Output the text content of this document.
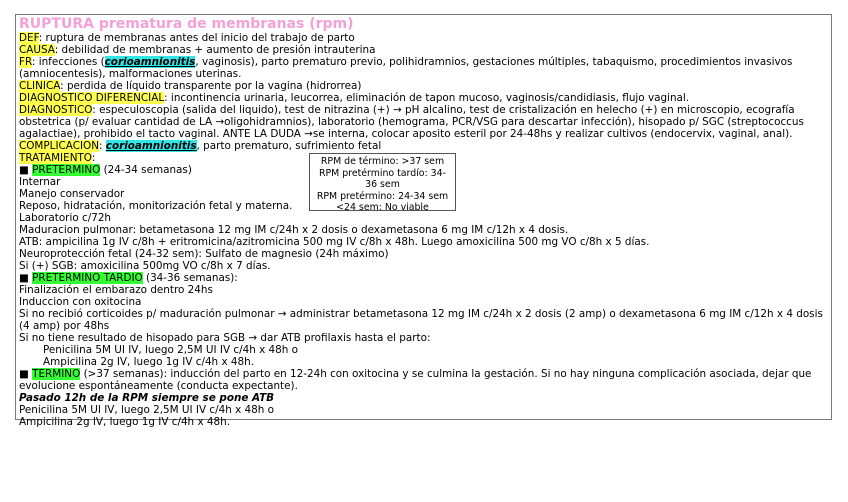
RUPTURA prematura de membranas (rpm)
DEF: ruptura de membranas antes del inicio del trabajo de parto
CAUSA: debilidad de membranas + aumento de presión intrauterina
FR: infecciones (corioamnionitis, vaginosis), parto prematuro previo, polihidramnios, gestaciones múltiples, tabaquismo, procedimientos invasivos (amniocentesis), malformaciones uterinas.
CLINICA: perdida de líquido transparente por la vagina (hidrorrea)
DIAGNOSTICO DIFERENCIAL: incontinencia urinaria, leucorrea, eliminación de tapon mucoso, vaginosis/candidiasis, flujo vaginal.
DIAGNOSTICO: especuloscopia (salida del liquido), test de nitrazina (+) → pH alcalino, test de cristalización en helecho (+) en microscopio, ecografía obstetrica (p/ evaluar cantidad de LA →oligohidramnios), laboratorio (hemograma, PCR/VSG para descartar infección), hisopado p/ SGC (streptococcus agalactiae), prohibido el tacto vaginal. ANTE LA DUDA →se interna, colocar aposito esteril por 24-48hs y realizar cultivos (endocervix, vaginal, anal).
COMPLICACION: corioamnionitis, parto prematuro, sufrimiento fetal
TRATAMIENTO:
■ PRETERMINO (24-34 semanas)
Internar
Manejo conservador
Reposo, hidratación, monitorización fetal y materna.
Laboratorio c/72h
Maduracion pulmonar: betametasona 12 mg IM c/24h x 2 dosis o dexametasona 6 mg IM c/12h x 4 dosis.
ATB: ampicilina 1g IV c/8h + eritromicina/azitromicina 500 mg IV c/8h x 48h. Luego amoxicilina 500 mg VO c/8h x 5 días.
Neuroprotección fetal (24-32 sem): Sulfato de magnesio (24h máximo)
Si (+) SGB: amoxicilina 500mg VO c/8h x 7 días.
■ PRETERMINO TARDIO (34-36 semanas):
Finalización el embarazo dentro 24hs
Induccion con oxitocina
Si no recibió corticoides p/ maduración pulmonar → administrar betametasona 12 mg IM c/24h x 2 dosis (2 amp) o dexametasona 6 mg IM c/12h x 4 dosis (4 amp) por 48hs
Si no tiene resultado de hisopado para SGB → dar ATB profilaxis hasta el parto:
Penicilina 5M UI IV, luego 2,5M UI IV c/4h x 48h o
Ampicilina 2g IV, luego 1g IV c/4h x 48h.
■ TERMINO (>37 semanas): inducción del parto en 12-24h con oxitocina y se culmina la gestación. Si no hay ninguna complicación asociada, dejar que evolucione espontáneamente (conducta expectante).
Pasado 12h de la RPM siempre se pone ATB
Penicilina 5M UI IV, luego 2,5M UI IV c/4h x 48h o
Ampicilina 2g IV, luego 1g IV c/4h x 48h.
RPM de término: >37 sem
RPM pretérmino tardío: 34-36 sem
RPM pretérmino: 24-34 sem
<24 sem: No viable
